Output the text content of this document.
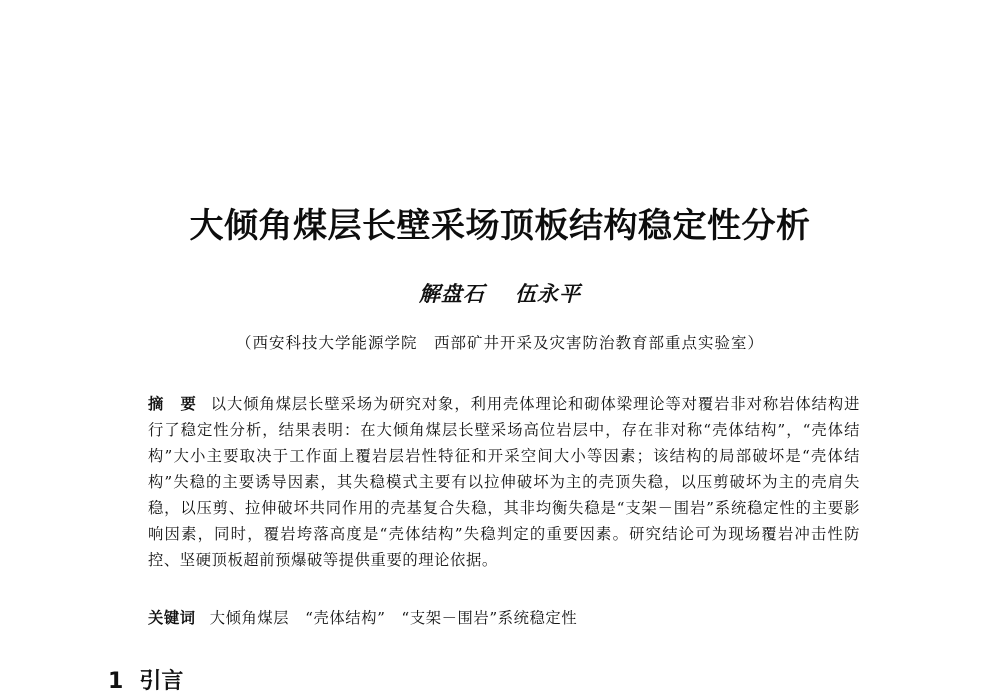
大倾角煤层长壁采场顶板结构稳定性分析
解盘石 伍永平
（西安科技大学能源学院　西部矿井开采及灾害防治教育部重点实验室）
摘　要 以大倾角煤层长壁采场为研究对象，利用壳体理论和砌体梁理论等对覆岩非对称岩体结构进行了稳定性分析，结果表明：在大倾角煤层长壁采场高位岩层中，存在非对称“壳体结构”，“壳体结构”大小主要取决于工作面上覆岩层岩性特征和开采空间大小等因素；该结构的局部破坏是“壳体结构”失稳的主要诱导因素，其失稳模式主要有以拉伸破坏为主的壳顶失稳，以压剪破坏为主的壳肩失稳，以压剪、拉伸破坏共同作用的壳基复合失稳，其非均衡失稳是“支架－围岩”系统稳定性的主要影响因素，同时，覆岩垮落高度是“壳体结构”失稳判定的重要因素。研究结论可为现场覆岩冲击性防控、坚硬顶板超前预爆破等提供重要的理论依据。
关键词 大倾角煤层　“壳体结构”　“支架－围岩”系统稳定性
1 引言
